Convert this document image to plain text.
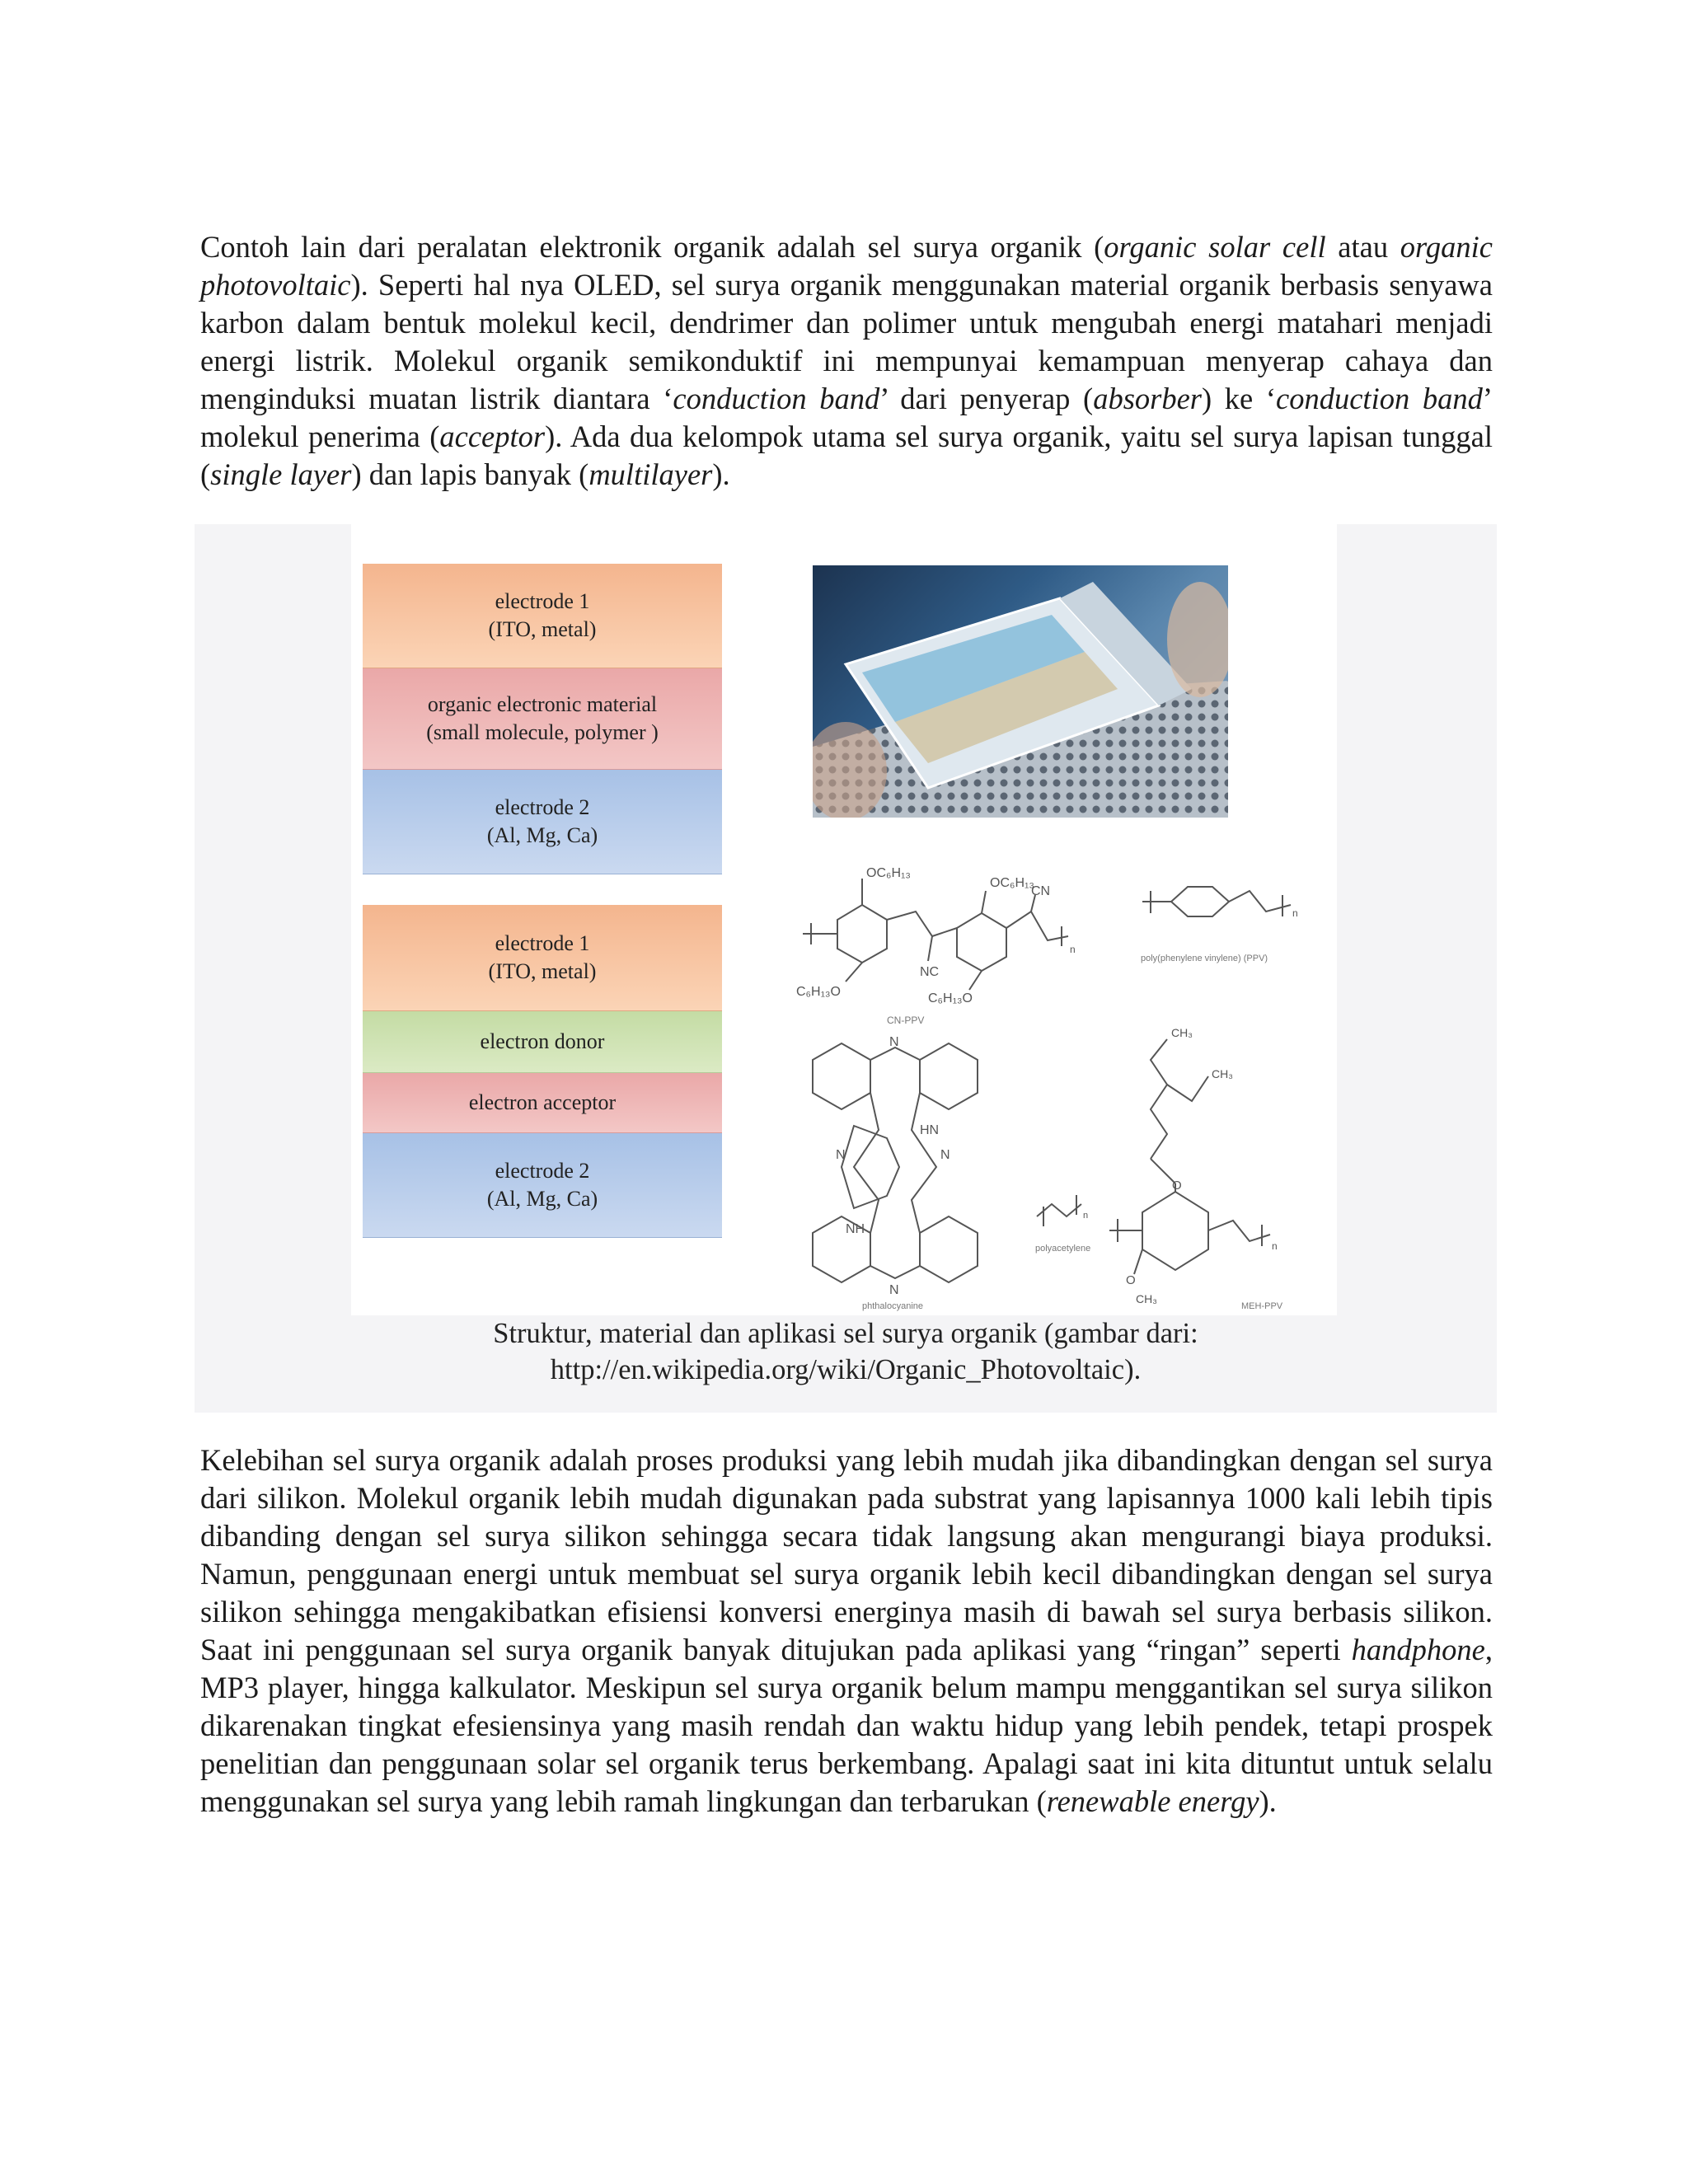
Contoh lain dari peralatan elektronik organik adalah sel surya organik (organic solar cell atau organic photovoltaic). Seperti hal nya OLED, sel surya organik menggunakan material organik berbasis senyawa karbon dalam bentuk molekul kecil, dendrimer dan polimer untuk mengubah energi matahari menjadi energi listrik. Molekul organik semikonduktif ini mempunyai kemampuan menyerap cahaya dan menginduksi muatan listrik diantara ‘conduction band’ dari penyerap (absorber) ke ‘conduction band’ molekul penerima (acceptor). Ada dua kelompok utama sel surya organik, yaitu sel surya lapisan tunggal (single layer) dan lapis banyak (multilayer).

electrode 1
(ITO, metal)
organic electronic material
(small molecule, polymer )
electrode 2
(Al, Mg, Ca)
electrode 1
(ITO, metal)
electron donor
electron acceptor
electrode 2
(Al, Mg, Ca)
OC₆H₁₃
OC₆H₁₃
CN
C₆H₁₃O
NC
C₆H₁₃O
n
CN-PPV
n
poly(phenylene vinylene) (PPV)
N
N
N	N
NH
HN
phthalocyanine
n
polyacetylene
CH₃
CH₃
O
O
CH₃
n
MEH-PPV
Struktur, material dan aplikasi sel surya organik (gambar dari:
http://en.wikipedia.org/wiki/Organic_Photovoltaic).

Kelebihan sel surya organik adalah proses produksi yang lebih mudah jika dibandingkan dengan sel surya dari silikon. Molekul organik lebih mudah digunakan pada substrat yang lapisannya 1000 kali lebih tipis dibanding dengan sel surya silikon sehingga secara tidak langsung akan mengurangi biaya produksi. Namun, penggunaan energi untuk membuat sel surya organik lebih kecil dibandingkan dengan sel surya silikon sehingga mengakibatkan efisiensi konversi energinya masih di bawah sel surya berbasis silikon. Saat ini penggunaan sel surya organik banyak ditujukan pada aplikasi yang “ringan” seperti handphone, MP3 player, hingga kalkulator. Meskipun sel surya organik belum mampu menggantikan sel surya silikon dikarenakan tingkat efesiensinya yang masih rendah dan waktu hidup yang lebih pendek, tetapi prospek penelitian dan penggunaan solar sel organik terus berkembang. Apalagi saat ini kita dituntut untuk selalu menggunakan sel surya yang lebih ramah lingkungan dan terbarukan (renewable energy).
